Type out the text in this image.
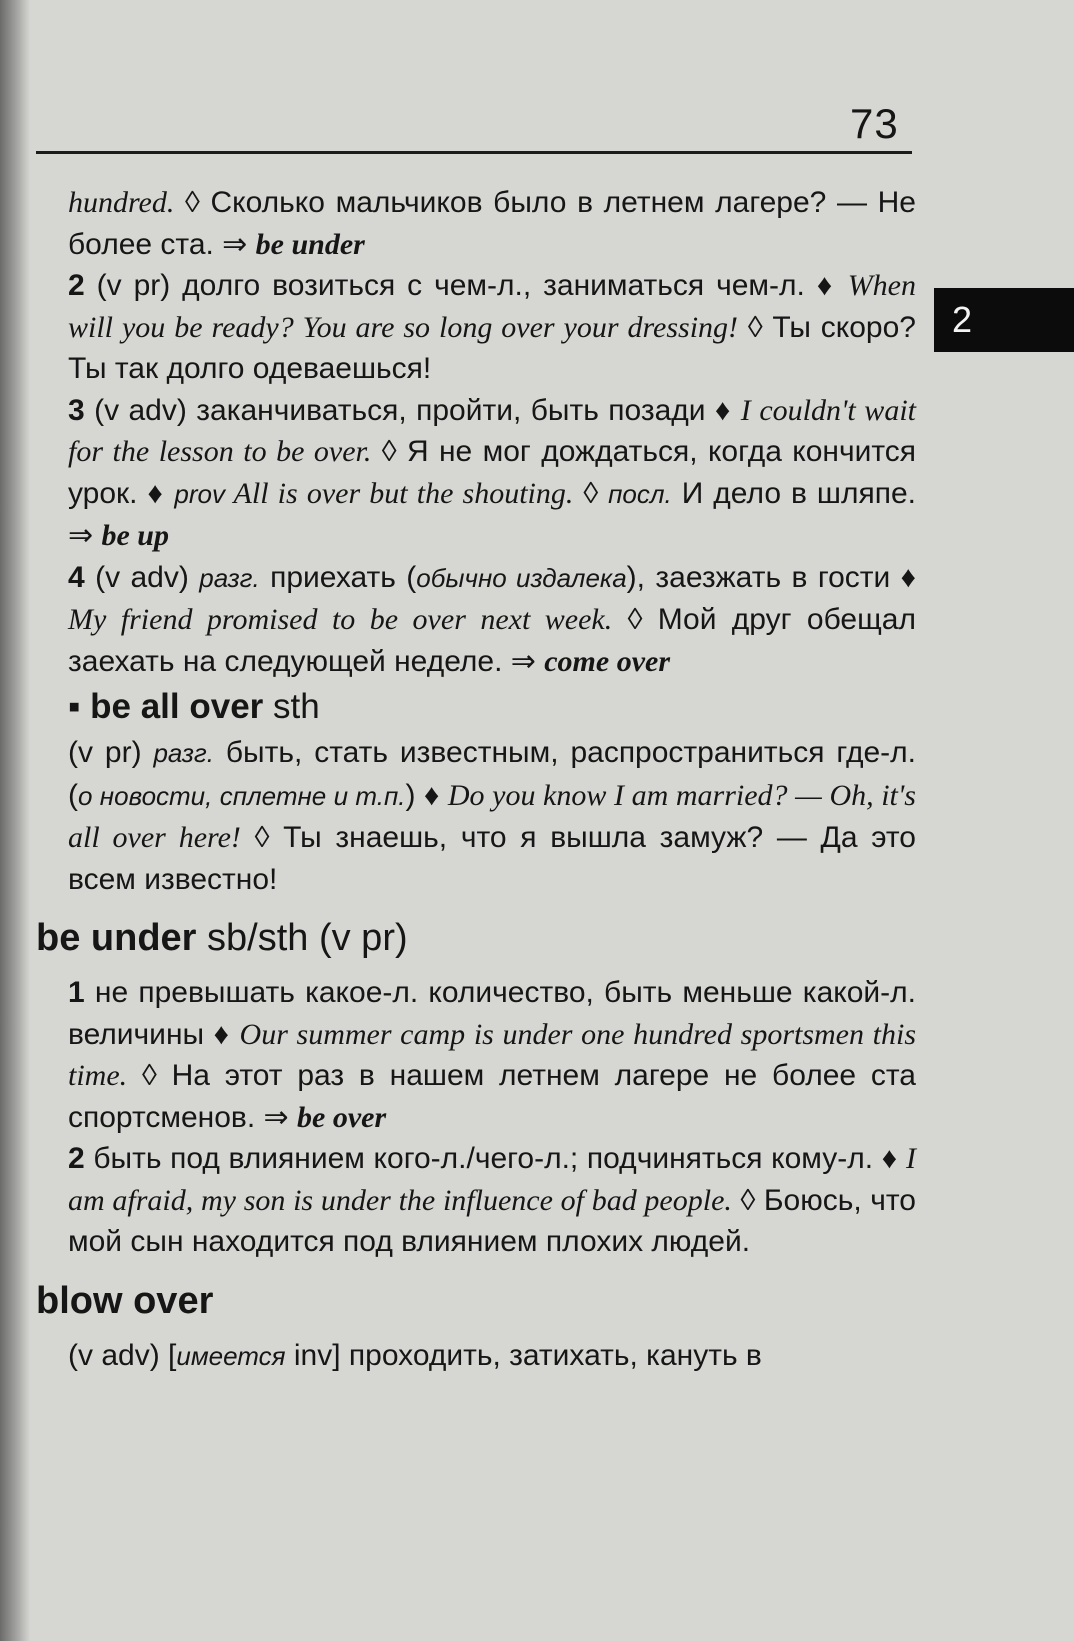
73
2

hundred. ◊ Сколько мальчиков было в летнем лагере? — Не более ста. ⇒ be under

2 (v pr) долго возиться с чем-л., заниматься чем-л. ♦ When will you be ready? You are so long over your dressing! ◊ Ты скоро? Ты так долго одеваешься!

3 (v adv) заканчиваться, пройти, быть позади ♦ I couldn't wait for the lesson to be over. ◊ Я не мог дождаться, когда кончится урок. ♦ prov All is over but the shouting. ◊ посл. И дело в шляпе. ⇒ be up

4 (v adv) разг. приехать (обычно издалека), заезжать в гости ♦ My friend promised to be over next week. ◊ Мой друг обещал заехать на следующей неделе. ⇒ come over

▪ be all over sth

(v pr) разг. быть, стать известным, распространиться где-л. (о новости, сплетне и т.п.) ♦ Do you know I am married? — Oh, it's all over here! ◊ Ты знаешь, что я вышла замуж? — Да это всем известно!

be under sb/sth (v pr)

1 не превышать какое-л. количество, быть меньше какой-л. величины ♦ Our summer camp is under one hundred sportsmen this time. ◊ На этот раз в нашем летнем лагере не более ста спортсменов. ⇒ be over

2 быть под влиянием кого-л./чего-л.; подчиняться кому-л. ♦ I am afraid, my son is under the influence of bad people. ◊ Боюсь, что мой сын находится под влиянием плохих людей.

blow over

(v adv) [имеется inv] проходить, затихать, кануть в
